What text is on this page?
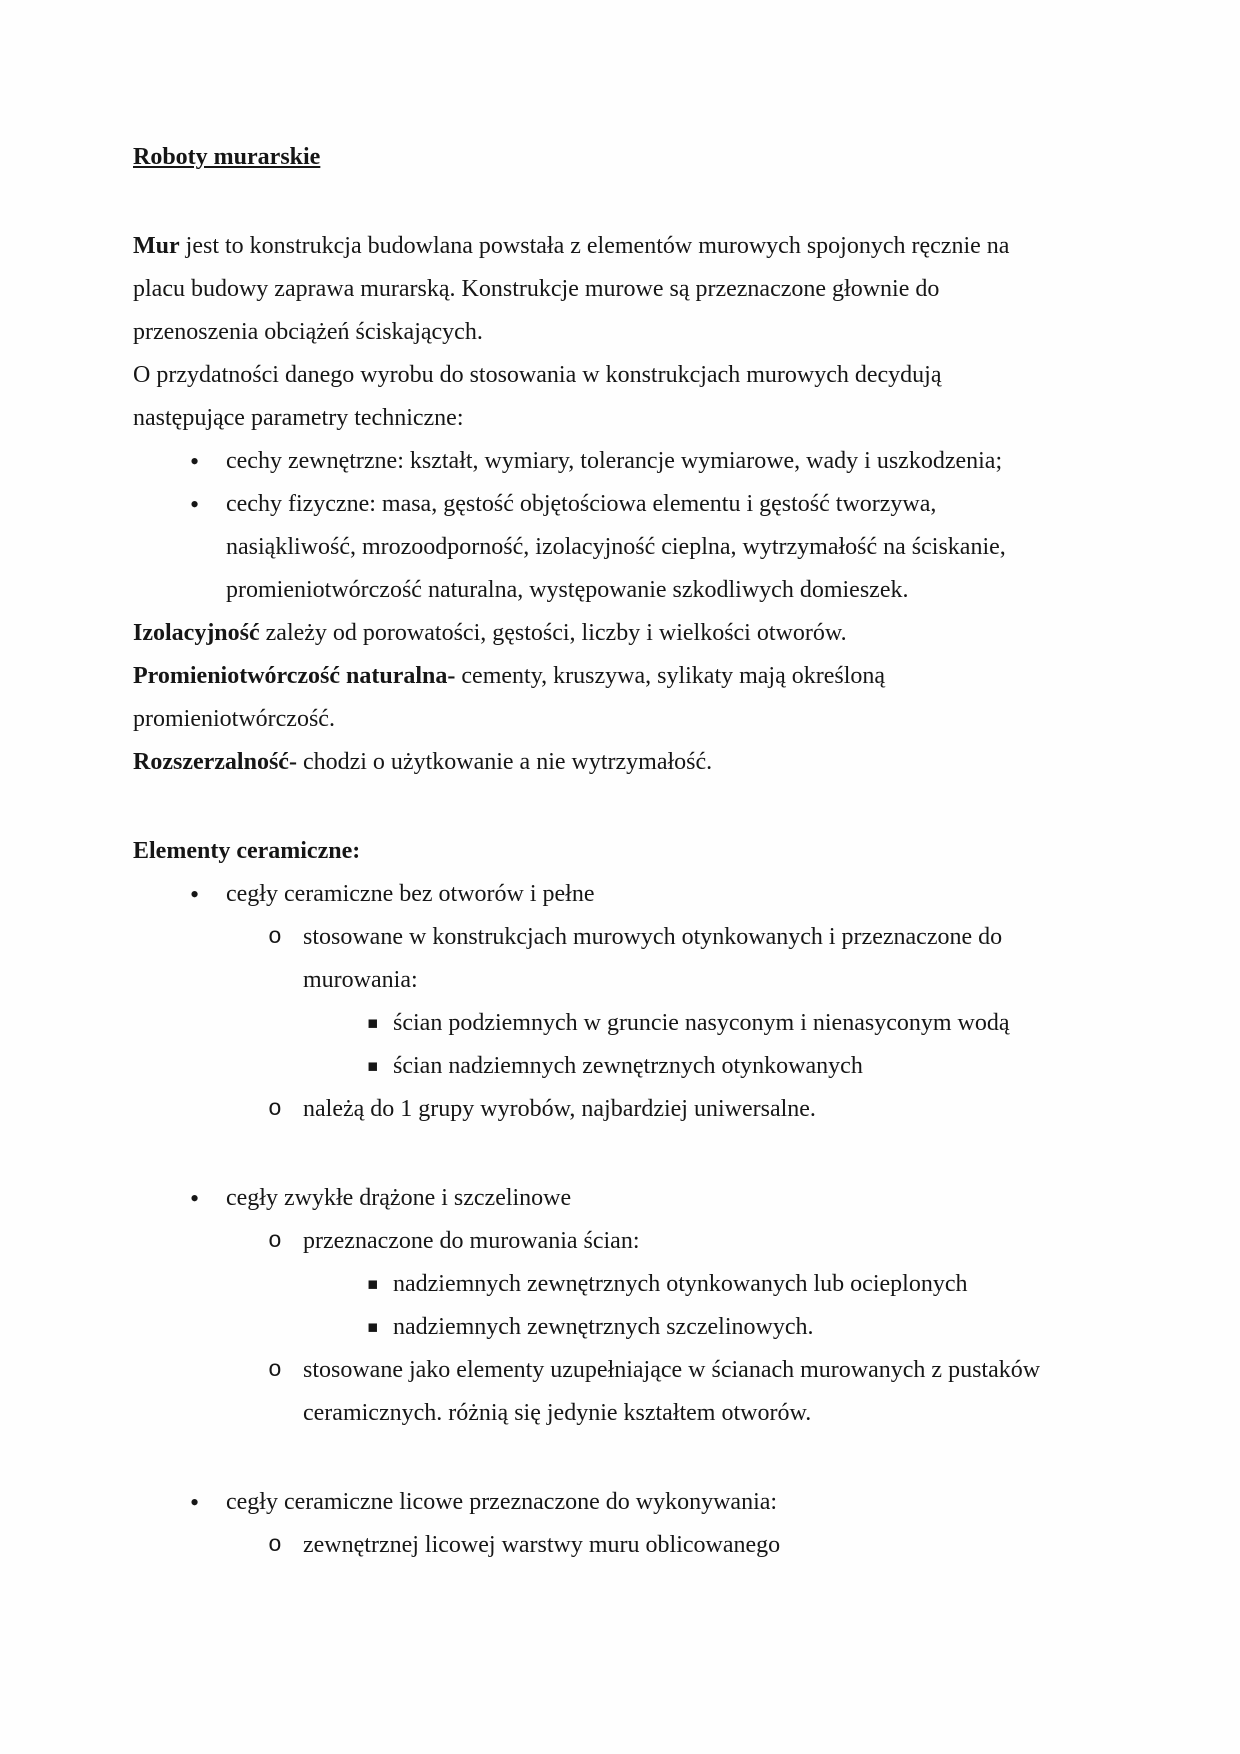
Roboty murarskie
Mur jest to konstrukcja budowlana powstała z elementów murowych spojonych ręcznie na
placu budowy zaprawa murarską. Konstrukcje murowe są przeznaczone głownie do
przenoszenia obciążeń ściskających.
O przydatności danego wyrobu do stosowania w konstrukcjach murowych decydują
następujące parametry techniczne:
• cechy zewnętrzne: kształt, wymiary, tolerancje wymiarowe, wady i uszkodzenia;
• cechy fizyczne: masa, gęstość objętościowa elementu i gęstość tworzywa,
nasiąkliwość, mrozoodporność, izolacyjność cieplna, wytrzymałość na ściskanie,
promieniotwórczość naturalna, występowanie szkodliwych domieszek.
Izolacyjność zależy od porowatości, gęstości, liczby i wielkości otworów.
Promieniotwórczość naturalna- cementy, kruszywa, sylikaty mają określoną
promieniotwórczość.
Rozszerzalność- chodzi o użytkowanie a nie wytrzymałość.
Elementy ceramiczne:
• cegły ceramiczne bez otworów i pełne
o stosowane w konstrukcjach murowych otynkowanych i przeznaczone do
murowania:
▪ ścian podziemnych w gruncie nasyconym i nienasyconym wodą
▪ ścian nadziemnych zewnętrznych otynkowanych
o należą do 1 grupy wyrobów, najbardziej uniwersalne.
• cegły zwykłe drążone i szczelinowe
o przeznaczone do murowania ścian:
▪ nadziemnych zewnętrznych otynkowanych lub ocieplonych
▪ nadziemnych zewnętrznych szczelinowych.
o stosowane jako elementy uzupełniające w ścianach murowanych z pustaków
ceramicznych. różnią się jedynie kształtem otworów.
• cegły ceramiczne licowe przeznaczone do wykonywania:
o zewnętrznej licowej warstwy muru oblicowanego
